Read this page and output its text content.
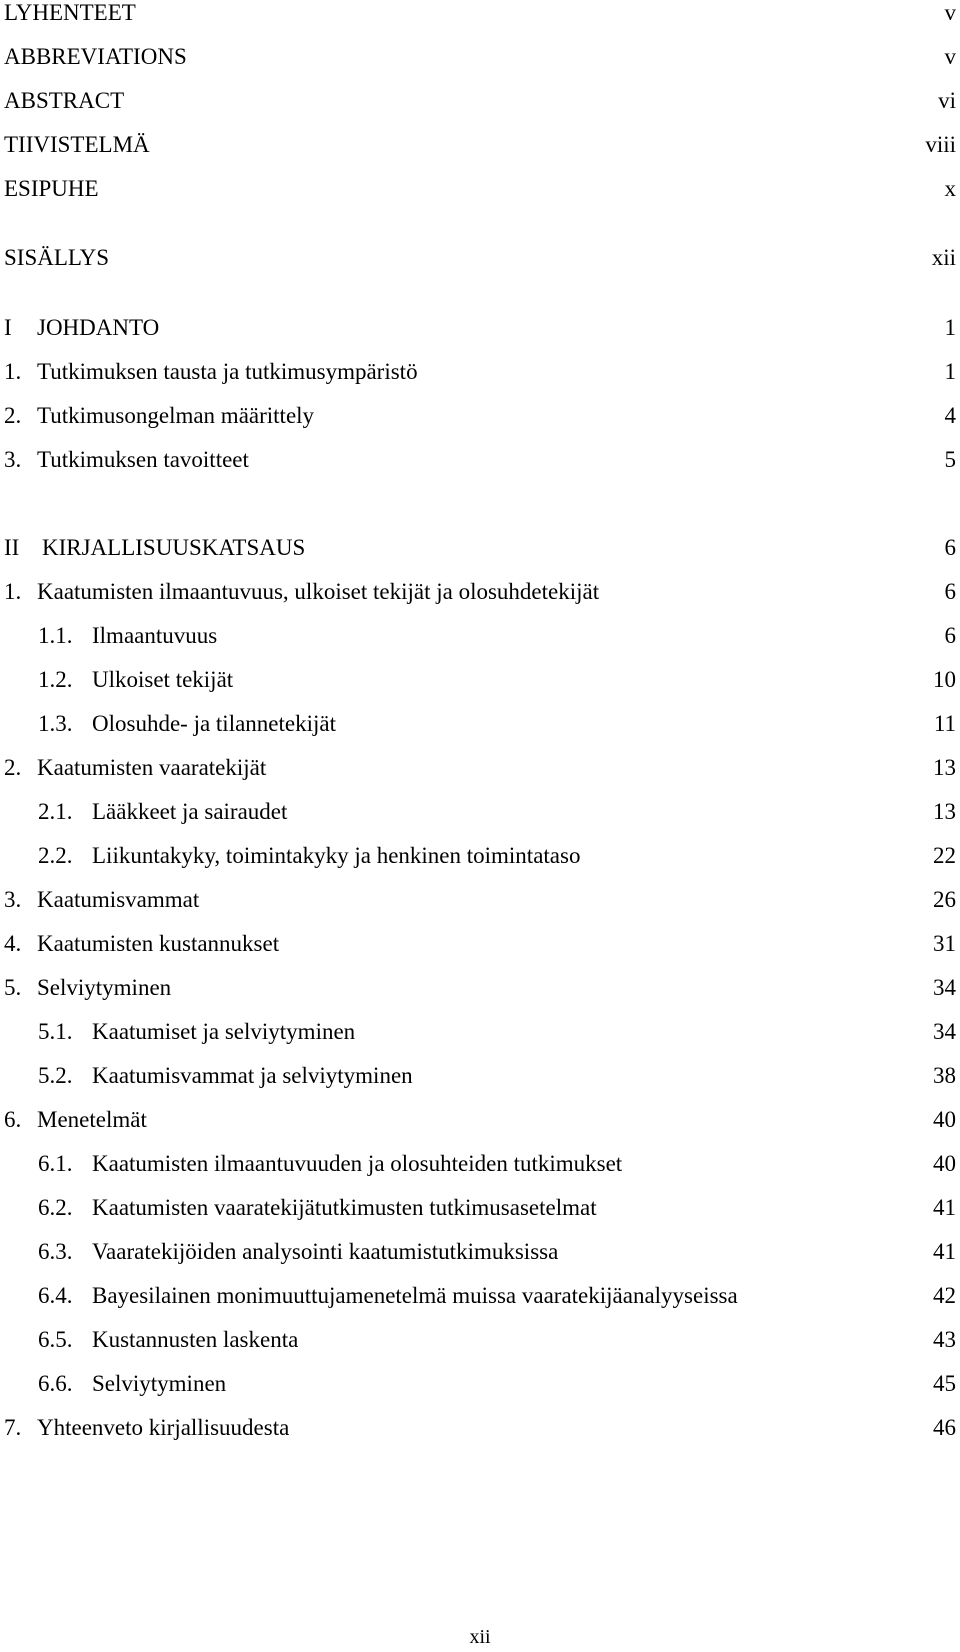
LYHENTEET	v
ABBREVIATIONS	v
ABSTRACT	vi
TIIVISTELMÄ	viii
ESIPUHE	x
SISÄLLYS	xii
I JOHDANTO	1
1. Tutkimuksen tausta ja tutkimusympäristö	1
2. Tutkimusongelman määrittely	4
3. Tutkimuksen tavoitteet	5
II KIRJALLISUUSKATSAUS	6
1. Kaatumisten ilmaantuvuus, ulkoiset tekijät ja olosuhdetekijät	6
1.1. Ilmaantuvuus	6
1.2. Ulkoiset tekijät	10
1.3. Olosuhde- ja tilannetekijät	11
2. Kaatumisten vaaratekijät	13
2.1. Lääkkeet ja sairaudet	13
2.2. Liikuntakyky, toimintakyky ja henkinen toimintataso	22
3. Kaatumisvammat	26
4. Kaatumisten kustannukset	31
5. Selviytyminen	34
5.1. Kaatumiset ja selviytyminen	34
5.2. Kaatumisvammat ja selviytyminen	38
6. Menetelmät	40
6.1. Kaatumisten ilmaantuvuuden ja olosuhteiden tutkimukset	40
6.2. Kaatumisten vaaratekijätutkimusten tutkimusasetelmat	41
6.3. Vaaratekijöiden analysointi kaatumistutkimuksissa	41
6.4. Bayesilainen monimuuttujamenetelmä muissa vaaratekijäanalyyseissa	42
6.5. Kustannusten laskenta	43
6.6. Selviytyminen	45
7. Yhteenveto kirjallisuudesta	46
xii
